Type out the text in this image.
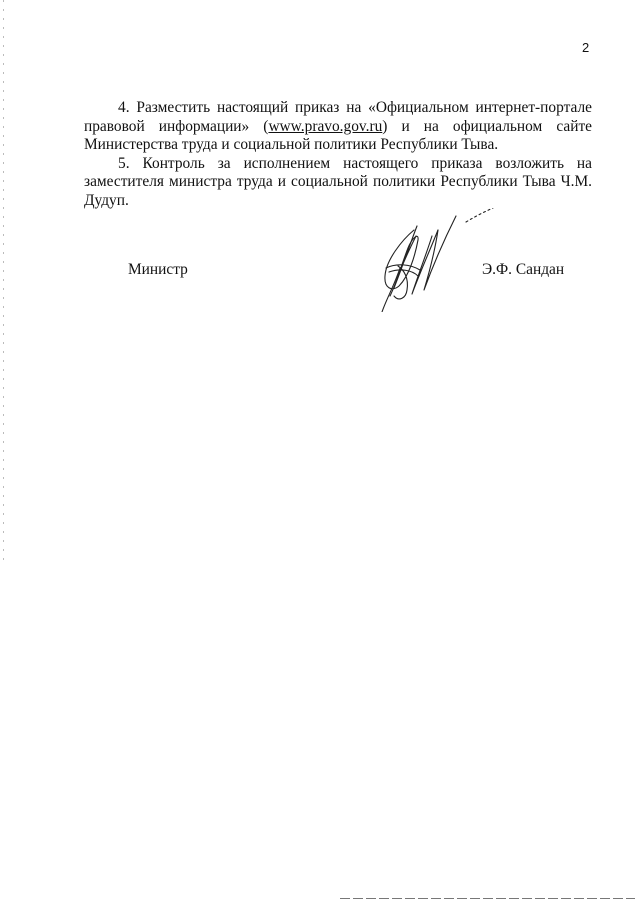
2

4. Разместить настоящий приказ на «Официальном интернет-портале правовой информации» (www.pravo.gov.ru) и на официальном сайте Министерства труда и социальной политики Республики Тыва.

5. Контроль за исполнением настоящего приказа возложить на заместителя министра труда и социальной политики Республики Тыва Ч.М. Дудуп.

Министр	Э.Ф. Сандан
